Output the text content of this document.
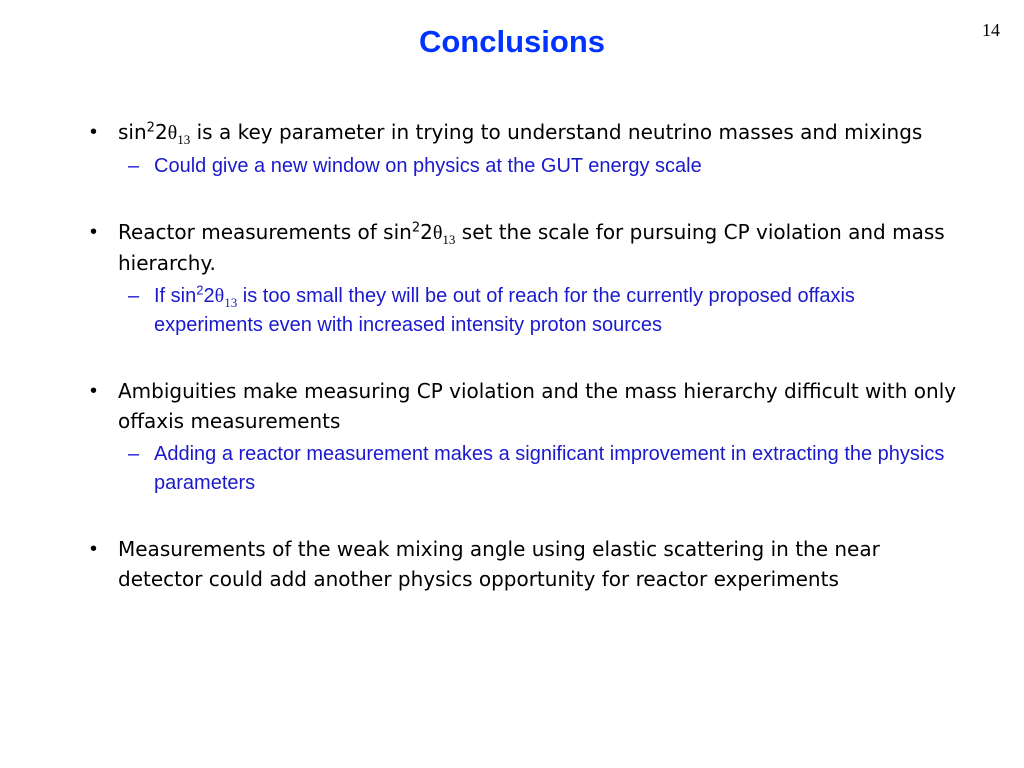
14
Conclusions
• $\sin^22\theta_{13}$ is a key parameter in trying to understand neutrino masses and mixings
– Could give a new window on physics at the GUT energy scale
• Reactor measurements of $\sin^22\theta_{13}$ set the scale for pursuing CP violation and mass hierarchy.
– If $\sin^22\theta_{13}$ is too small they will be out of reach for the currently proposed offaxis experiments even with increased intensity proton sources
• Ambiguities make measuring CP violation and the mass hierarchy difficult with only offaxis measurements
– Adding a reactor measurement makes a significant improvement in extracting the physics parameters
• Measurements of the weak mixing angle using elastic scattering in the near detector could add another physics opportunity for reactor experiments
